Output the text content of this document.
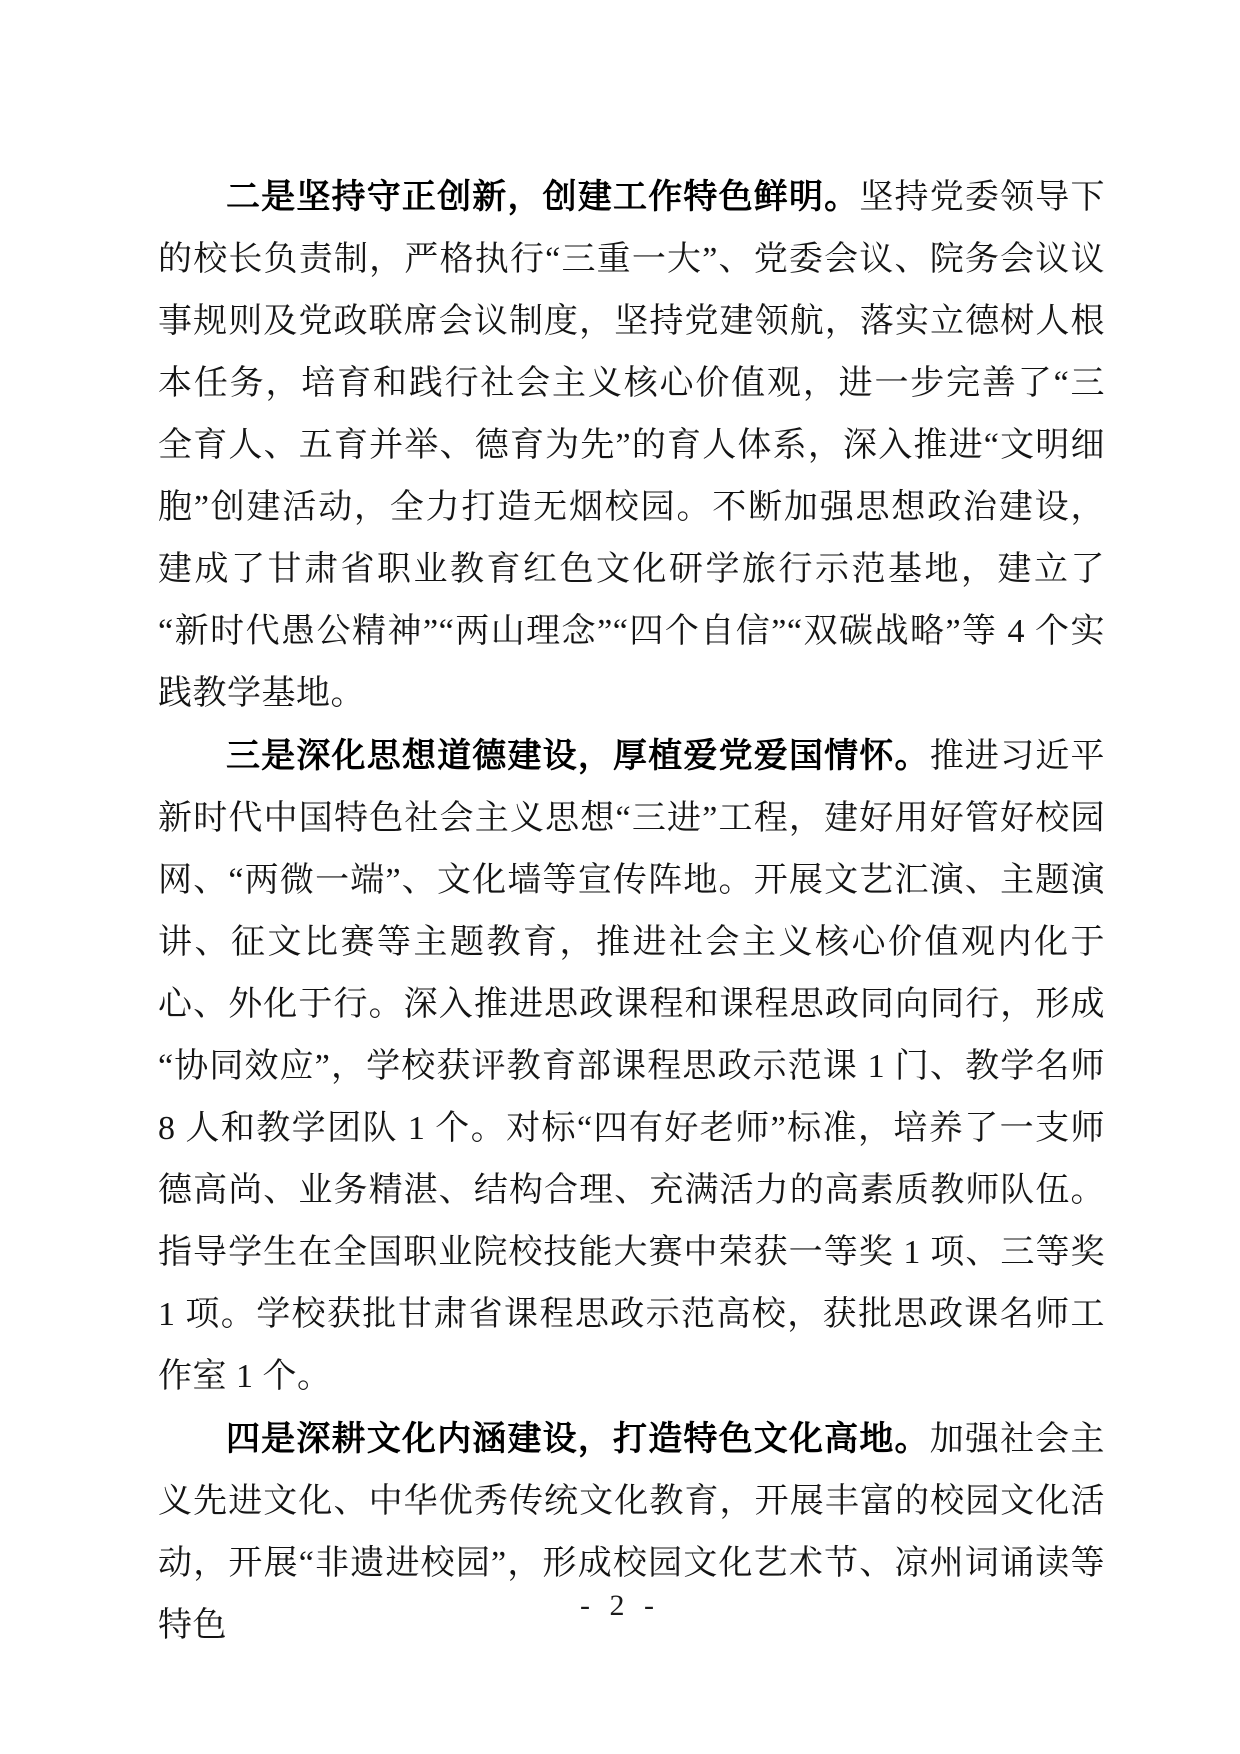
二是坚持守正创新，创建工作特色鲜明。坚持党委领导下的校长负责制，严格执行“三重一大”、党委会议、院务会议议事规则及党政联席会议制度，坚持党建领航，落实立德树人根本任务，培育和践行社会主义核心价值观，进一步完善了“三全育人、五育并举、德育为先”的育人体系，深入推进“文明细胞”创建活动，全力打造无烟校园。不断加强思想政治建设，建成了甘肃省职业教育红色文化研学旅行示范基地，建立了“新时代愚公精神”“两山理念”“四个自信”“双碳战略”等 4 个实践教学基地。

三是深化思想道德建设，厚植爱党爱国情怀。推进习近平新时代中国特色社会主义思想“三进”工程，建好用好管好校园网、“两微一端”、文化墙等宣传阵地。开展文艺汇演、主题演讲、征文比赛等主题教育，推进社会主义核心价值观内化于心、外化于行。深入推进思政课程和课程思政同向同行，形成“协同效应”，学校获评教育部课程思政示范课 1 门、教学名师 8 人和教学团队 1 个。对标“四有好老师”标准，培养了一支师德高尚、业务精湛、结构合理、充满活力的高素质教师队伍。指导学生在全国职业院校技能大赛中荣获一等奖 1 项、三等奖 1 项。学校获批甘肃省课程思政示范高校，获批思政课名师工作室 1 个。

四是深耕文化内涵建设，打造特色文化高地。加强社会主义先进文化、中华优秀传统文化教育，开展丰富的校园文化活动，开展“非遗进校园”，形成校园文化艺术节、凉州词诵读等特色

- 2 -
